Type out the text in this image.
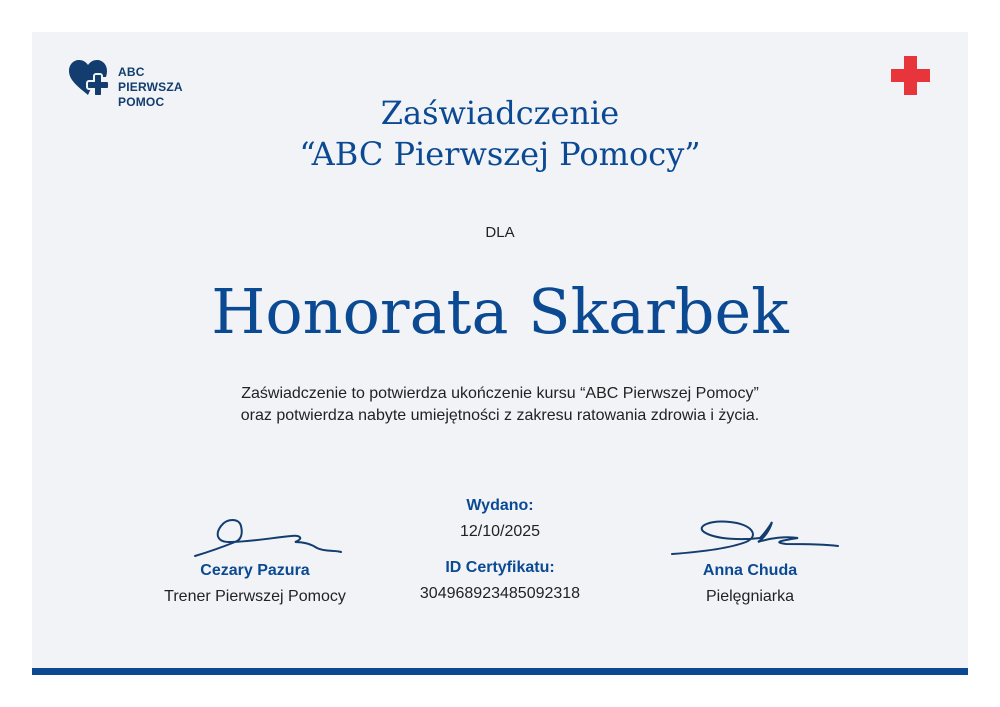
ABC
PIERWSZA
POMOC	Zaświadczenie
“ABC Pierwszej Pomocy”
DLA
Honorata Skarbek
Zaświadczenie to potwierdza ukończenie kursu “ABC Pierwszej Pomocy”
oraz potwierdza nabyte umiejętności z zakresu ratowania zdrowia i życia.
Cezary Pazura
Trener Pierwszej Pomocy
Wydano:
12/10/2025
ID Certyfikatu:
304968923485092318
Anna Chuda
Pielęgniarka
